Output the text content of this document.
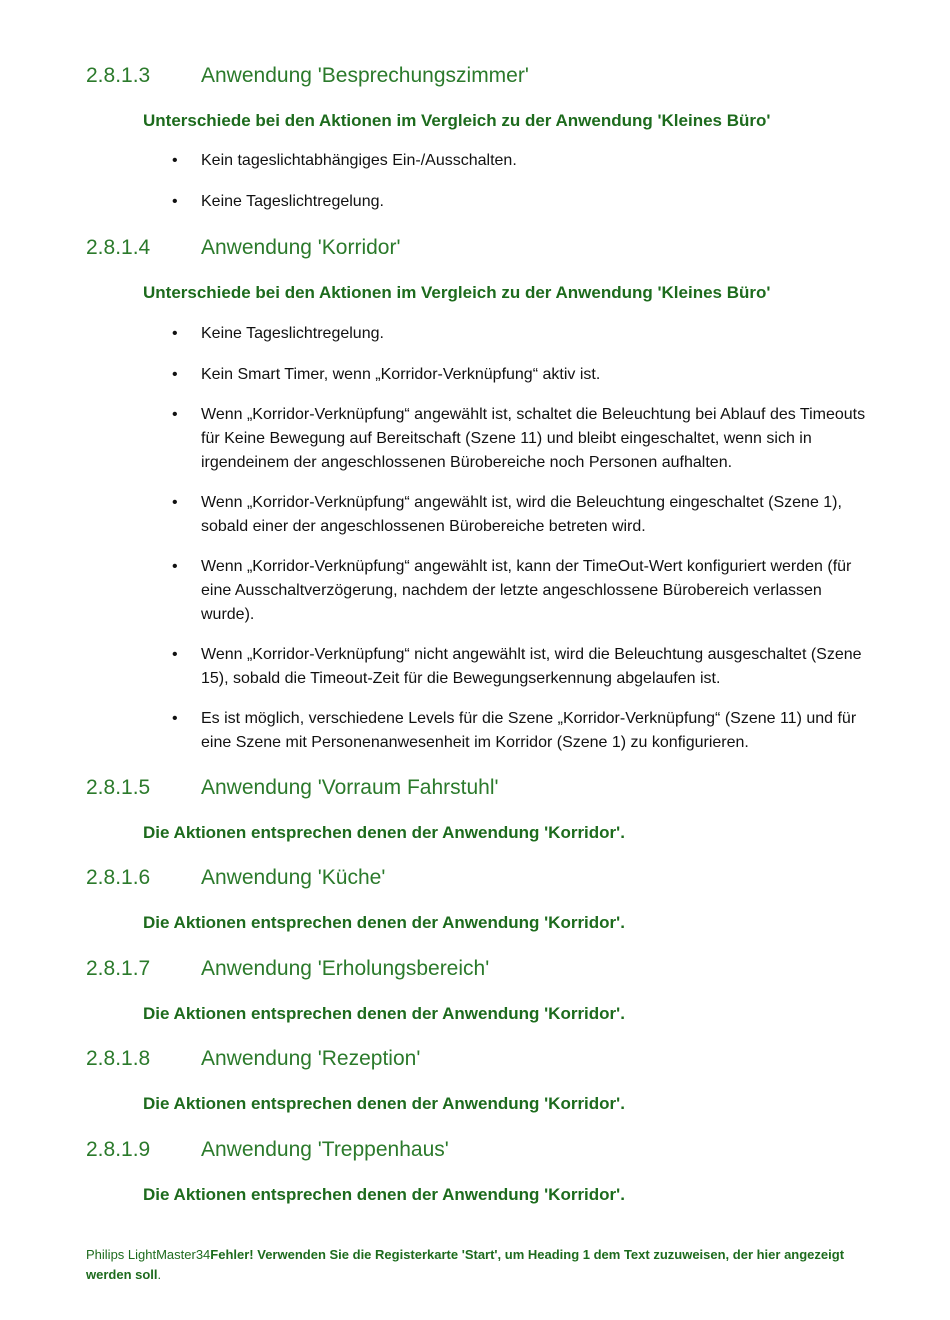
2.8.1.3 Anwendung 'Besprechungszimmer'
Unterschiede bei den Aktionen im Vergleich zu der Anwendung 'Kleines Büro'
• Kein tageslichtabhängiges Ein-/Ausschalten.
• Keine Tageslichtregelung.
2.8.1.4 Anwendung 'Korridor'
Unterschiede bei den Aktionen im Vergleich zu der Anwendung 'Kleines Büro'
• Keine Tageslichtregelung.
• Kein Smart Timer, wenn „Korridor-Verknüpfung“ aktiv ist.
• Wenn „Korridor-Verknüpfung“ angewählt ist, schaltet die Beleuchtung bei Ablauf des Timeouts für Keine Bewegung auf Bereitschaft (Szene 11) und bleibt eingeschaltet, wenn sich in irgendeinem der angeschlossenen Bürobereiche noch Personen aufhalten.
• Wenn „Korridor-Verknüpfung“ angewählt ist, wird die Beleuchtung eingeschaltet (Szene 1), sobald einer der angeschlossenen Bürobereiche betreten wird.
• Wenn „Korridor-Verknüpfung“ angewählt ist, kann der TimeOut-Wert konfiguriert werden (für eine Ausschaltverzögerung, nachdem der letzte angeschlossene Bürobereich verlassen wurde).
• Wenn „Korridor-Verknüpfung“ nicht angewählt ist, wird die Beleuchtung ausgeschaltet (Szene 15), sobald die Timeout-Zeit für die Bewegungserkennung abgelaufen ist.
• Es ist möglich, verschiedene Levels für die Szene „Korridor-Verknüpfung“ (Szene 11) und für eine Szene mit Personenanwesenheit im Korridor (Szene 1) zu konfigurieren.
2.8.1.5 Anwendung 'Vorraum Fahrstuhl'
Die Aktionen entsprechen denen der Anwendung 'Korridor'.
2.8.1.6 Anwendung 'Küche'
Die Aktionen entsprechen denen der Anwendung 'Korridor'.
2.8.1.7 Anwendung 'Erholungsbereich'
Die Aktionen entsprechen denen der Anwendung 'Korridor'.
2.8.1.8 Anwendung 'Rezeption'
Die Aktionen entsprechen denen der Anwendung 'Korridor'.
2.8.1.9 Anwendung 'Treppenhaus'
Die Aktionen entsprechen denen der Anwendung 'Korridor'.
Philips LightMaster34Fehler! Verwenden Sie die Registerkarte 'Start', um Heading 1 dem Text zuzuweisen, der hier angezeigt werden soll.
